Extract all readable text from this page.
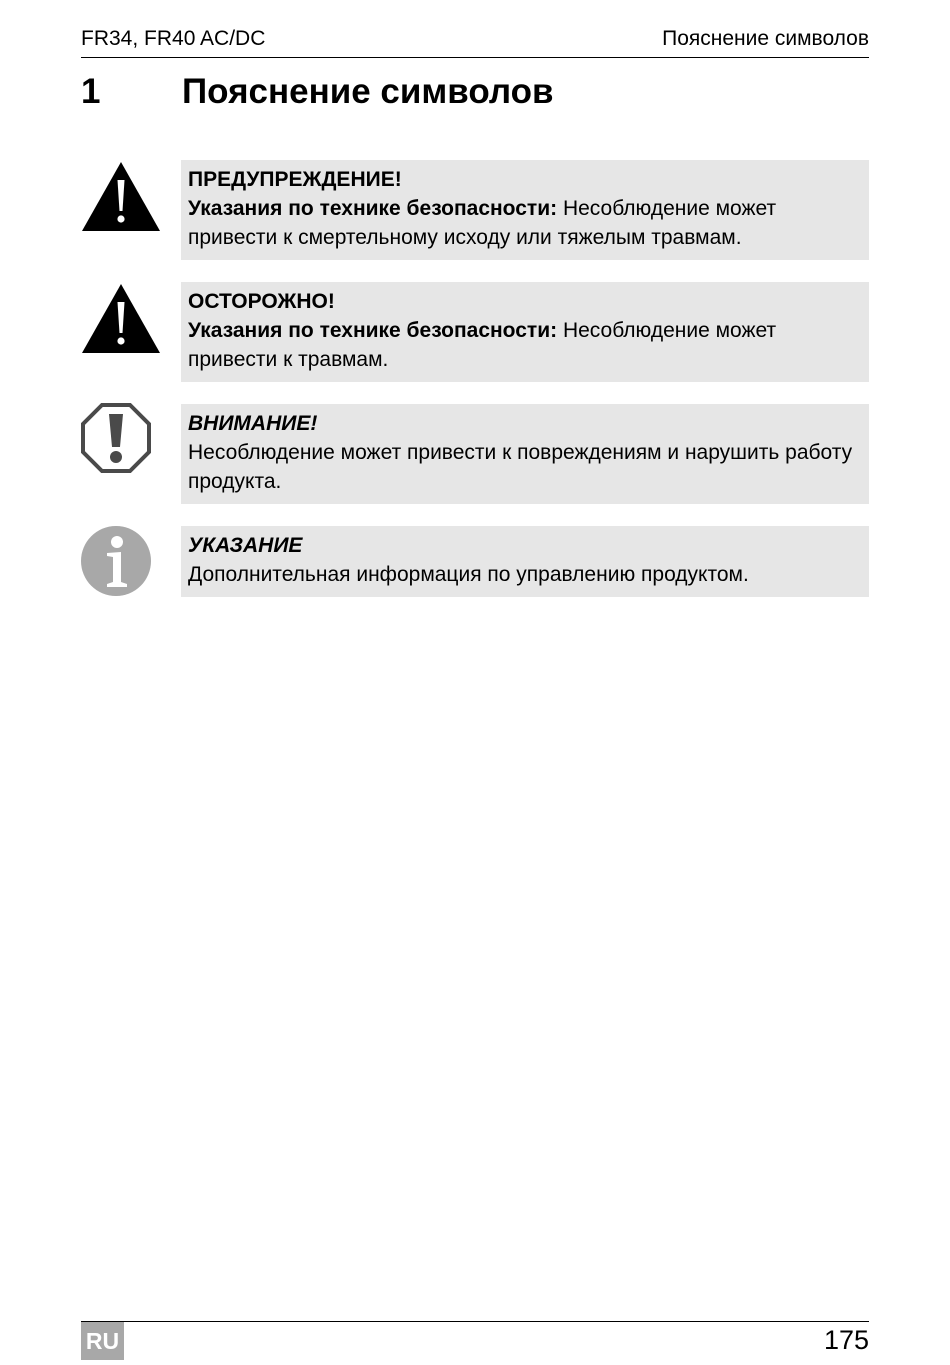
FR34, FR40 AC/DC	Пояснение символов
1 Пояснение символов
ПРЕДУПРЕЖДЕНИЕ!
Указания по технике безопасности: Несоблюдение может привести к смертельному исходу или тяжелым травмам.
ОСТОРОЖНО!
Указания по технике безопасности: Несоблюдение может привести к травмам.
ВНИМАНИЕ!
Несоблюдение может привести к повреждениям и нарушить работу продукта.
УКАЗАНИЕ
Дополнительная информация по управлению продуктом.
RU	175
